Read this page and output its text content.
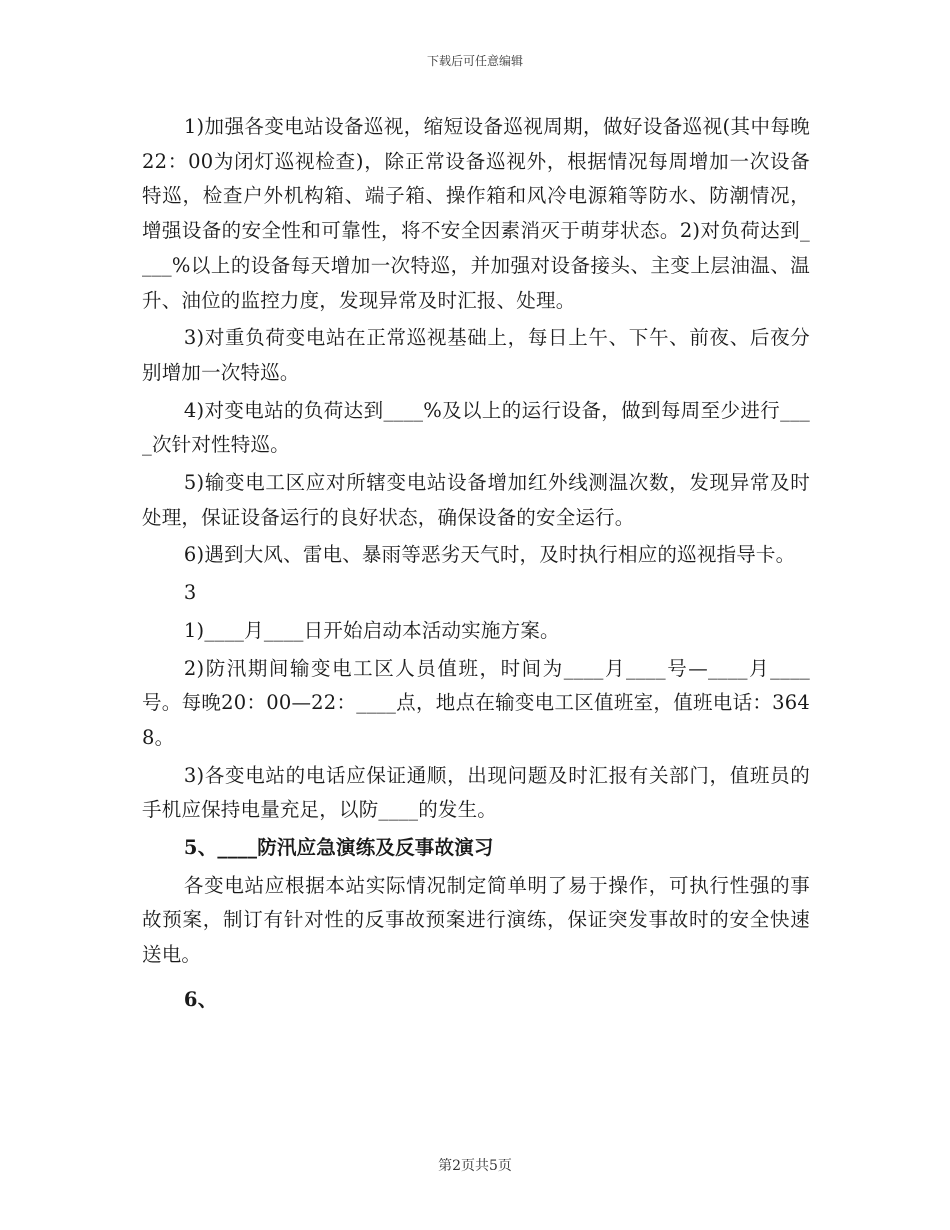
下载后可任意编辑

1)加强各变电站设备巡视，缩短设备巡视周期，做好设备巡视(其中每晚22：00为闭灯巡视检查)，除正常设备巡视外，根据情况每周增加一次设备特巡，检查户外机构箱、端子箱、操作箱和风冷电源箱等防水、防潮情况，增强设备的安全性和可靠性，将不安全因素消灭于萌芽状态。2)对负荷达到____%以上的设备每天增加一次特巡，并加强对设备接头、主变上层油温、温升、油位的监控力度，发现异常及时汇报、处理。

3)对重负荷变电站在正常巡视基础上，每日上午、下午、前夜、后夜分别增加一次特巡。

4)对变电站的负荷达到____%及以上的运行设备，做到每周至少进行____次针对性特巡。

5)输变电工区应对所辖变电站设备增加红外线测温次数，发现异常及时处理，保证设备运行的良好状态，确保设备的安全运行。

6)遇到大风、雷电、暴雨等恶劣天气时，及时执行相应的巡视指导卡。

3

1)____月____日开始启动本活动实施方案。

2)防汛期间输变电工区人员值班，时间为____月____号—____月____号。每晚20：00—22：____点，地点在输变电工区值班室，值班电话：3648。

3)各变电站的电话应保证通顺，出现问题及时汇报有关部门，值班员的手机应保持电量充足，以防____的发生。

5、____防汛应急演练及反事故演习

各变电站应根据本站实际情况制定简单明了易于操作，可执行性强的事故预案，制订有针对性的反事故预案进行演练，保证突发事故时的安全快速送电。

6、

第2页共5页
